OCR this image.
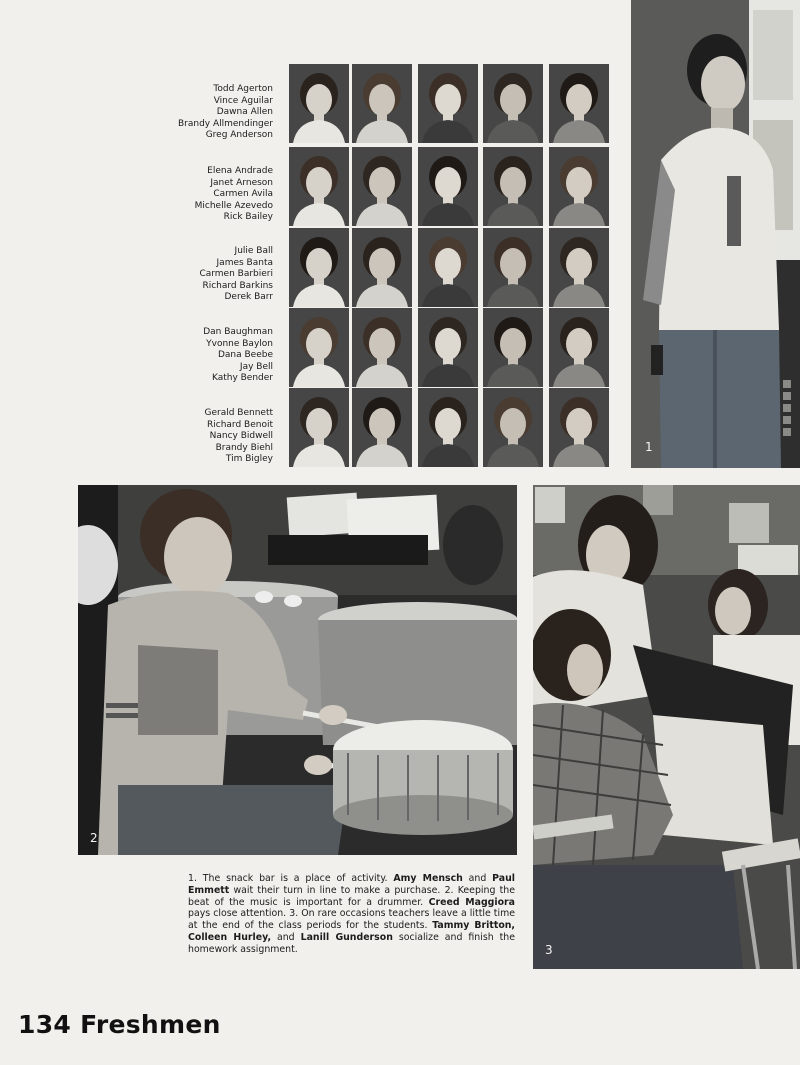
Todd Agerton
Vince Aguilar
Dawna Allen
Brandy Allmendinger
Greg Anderson
Elena Andrade
Janet Arneson
Carmen Avila
Michelle Azevedo
Rick Bailey
Julie Ball
James Banta
Carmen Barbieri
Richard Barkins
Derek Barr
Dan Baughman
Yvonne Baylon
Dana Beebe
Jay Bell
Kathy Bender
Gerald Bennett
Richard Benoit
Nancy Bidwell
Brandy Biehl
Tim Bigley
1
2
3
1. The snack bar is a place of activity. Amy Mensch and Paul Emmett wait their turn in line to make a purchase. 2. Keeping the beat of the music is important for a drummer. Creed Maggiora pays close attention. 3. On rare occasions teachers leave a little time at the end of the class periods for the students. Tammy Britton, Colleen Hurley, and Lanill Gunderson socialize and finish the homework assignment.
134 Freshmen
